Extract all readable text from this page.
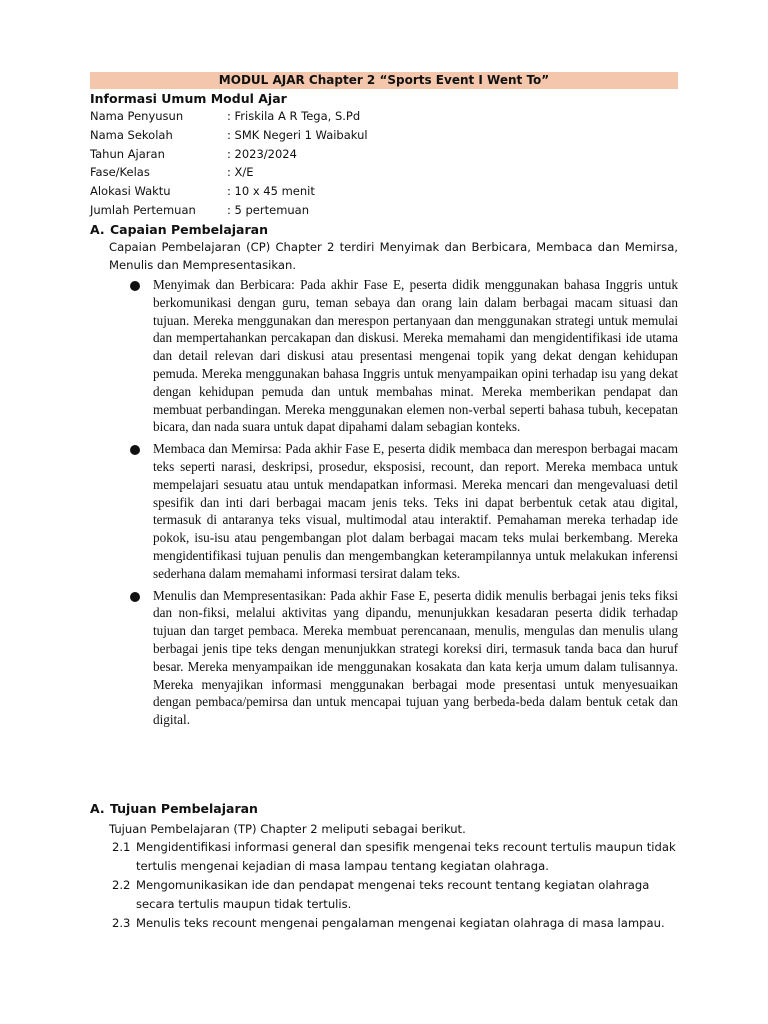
MODUL AJAR Chapter 2 “Sports Event I Went To”
Informasi Umum Modul Ajar
Nama Penyusun	: Friskila A R Tega, S.Pd
Nama Sekolah	: SMK Negeri 1 Waibakul
Tahun Ajaran	: 2023/2024
Fase/Kelas	: X/E
Alokasi Waktu	: 10 x 45 menit
Jumlah Pertemuan	: 5 pertemuan
A. Capaian Pembelajaran
Capaian Pembelajaran (CP) Chapter 2 terdiri Menyimak dan Berbicara, Membaca dan Memirsa, Menulis dan Mempresentasikan.
Menyimak dan Berbicara: Pada akhir Fase E, peserta didik menggunakan bahasa Inggris untuk berkomunikasi dengan guru, teman sebaya dan orang lain dalam berbagai macam situasi dan tujuan. Mereka menggunakan dan merespon pertanyaan dan menggunakan strategi untuk memulai dan mempertahankan percakapan dan diskusi. Mereka memahami dan mengidentifikasi ide utama dan detail relevan dari diskusi atau presentasi mengenai topik yang dekat dengan kehidupan pemuda. Mereka menggunakan bahasa Inggris untuk menyampaikan opini terhadap isu yang dekat dengan kehidupan pemuda dan untuk membahas minat. Mereka memberikan pendapat dan membuat perbandingan. Mereka menggunakan elemen non-verbal seperti bahasa tubuh, kecepatan bicara, dan nada suara untuk dapat dipahami dalam sebagian konteks.
Membaca dan Memirsa: Pada akhir Fase E, peserta didik membaca dan merespon berbagai macam teks seperti narasi, deskripsi, prosedur, eksposisi, recount, dan report. Mereka membaca untuk mempelajari sesuatu atau untuk mendapatkan informasi. Mereka mencari dan mengevaluasi detil spesifik dan inti dari berbagai macam jenis teks. Teks ini dapat berbentuk cetak atau digital, termasuk di antaranya teks visual, multimodal atau interaktif. Pemahaman mereka terhadap ide pokok, isu-isu atau pengembangan plot dalam berbagai macam teks mulai berkembang. Mereka mengidentifikasi tujuan penulis dan mengembangkan keterampilannya untuk melakukan inferensi sederhana dalam memahami informasi tersirat dalam teks.
Menulis dan Mempresentasikan: Pada akhir Fase E, peserta didik menulis berbagai jenis teks fiksi dan non-fiksi, melalui aktivitas yang dipandu, menunjukkan kesadaran peserta didik terhadap tujuan dan target pembaca. Mereka membuat perencanaan, menulis, mengulas dan menulis ulang berbagai jenis tipe teks dengan menunjukkan strategi koreksi diri, termasuk tanda baca dan huruf besar. Mereka menyampaikan ide menggunakan kosakata dan kata kerja umum dalam tulisannya. Mereka menyajikan informasi menggunakan berbagai mode presentasi untuk menyesuaikan dengan pembaca/pemirsa dan untuk mencapai tujuan yang berbeda-beda dalam bentuk cetak dan digital.
A. Tujuan Pembelajaran
Tujuan Pembelajaran (TP) Chapter 2 meliputi sebagai berikut.
2.1 Mengidentifikasi informasi general dan spesifik mengenai teks recount tertulis maupun tidak tertulis mengenai kejadian di masa lampau tentang kegiatan olahraga.
2.2 Mengomunikasikan ide dan pendapat mengenai teks recount tentang kegiatan olahraga secara tertulis maupun tidak tertulis.
2.3 Menulis teks recount mengenai pengalaman mengenai kegiatan olahraga di masa lampau.
